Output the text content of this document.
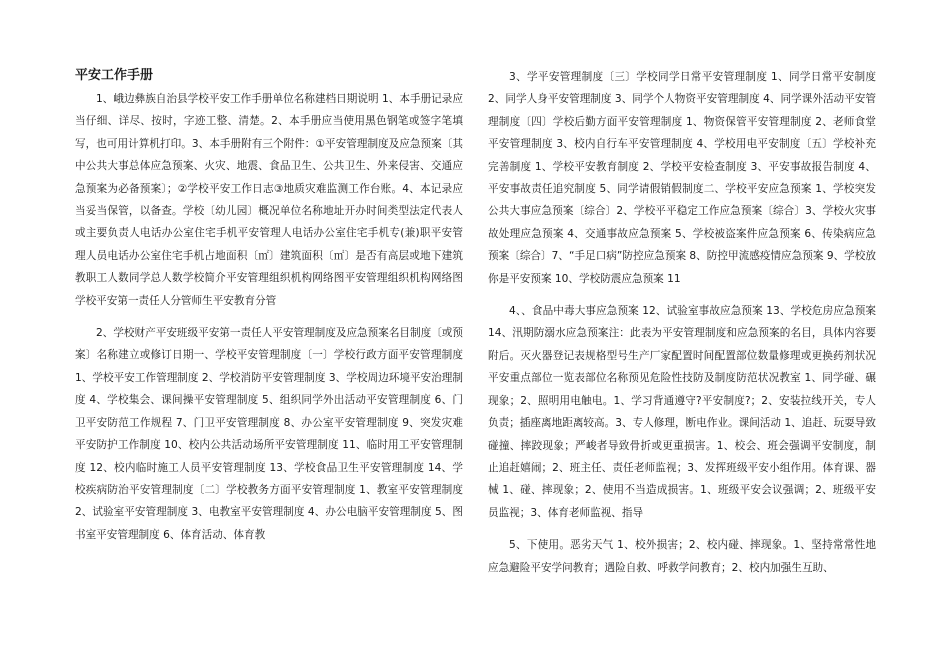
平安工作手册

1、峨边彝族自治县学校平安工作手册单位名称建档日期说明 1、本手册记录应当仔细、详尽、按时，字迹工整、清楚。2、本手册应当使用黑色钢笔或签字笔填写，也可用计算机打印。3、本手册附有三个附件：①平安管理制度及应急预案〔其中公共大事总体应急预案、火灾、地震、食品卫生、公共卫生、外来侵害、交通应急预案为必备预案〕；②学校平安工作日志③地质灾难监测工作台账。4、本记录应当妥当保管，以备查。学校〔幼儿园〕概况单位名称地址开办时间类型法定代表人或主要负责人电话办公室住宅手机平安管理人电话办公室住宅手机专(兼)职平安管理人员电话办公室住宅手机占地面积〔㎡〕建筑面积〔㎡〕是否有高层或地下建筑教职工人数同学总人数学校简介平安管理组织机构网络图平安管理组织机构网络图学校平安第一责任人分管师生平安教育分管

2、学校财产平安班级平安第一责任人平安管理制度及应急预案名目制度〔或预案〕名称建立或修订日期一、学校平安管理制度〔一〕学校行政方面平安管理制度 1、学校平安工作管理制度 2、学校消防平安管理制度 3、学校周边环境平安治理制度 4、学校集会、课间操平安管理制度 5、组织同学外出活动平安管理制度 6、门卫平安防范工作规程 7、门卫平安管理制度 8、办公室平安管理制度 9、突发灾难平安防护工作制度 10、校内公共活动场所平安管理制度 11、临时用工平安管理制度 12、校内临时施工人员平安管理制度 13、学校食品卫生平安管理制度 14、学校疾病防治平安管理制度〔二〕学校教务方面平安管理制度 1、教室平安管理制度 2、试验室平安管理制度 3、电教室平安管理制度 4、办公电脑平安管理制度 5、图书室平安管理制度 6、体育活动、体育教

3、学平安管理制度〔三〕学校同学日常平安管理制度 1、同学日常平安制度 2、同学人身平安管理制度 3、同学个人物资平安管理制度 4、同学课外活动平安管理制度〔四〕学校后勤方面平安管理制度 1、物资保管平安管理制度 2、老师食堂平安管理制度 3、校内自行车平安管理制度 4、学校用电平安制度〔五〕学校补充完善制度 1、学校平安教育制度 2、学校平安检查制度 3、平安事故报告制度 4、平安事故责任追究制度 5、同学请假销假制度二、学校平安应急预案 1、学校突发公共大事应急预案〔综合〕2、学校平平稳定工作应急预案〔综合〕3、学校火灾事故处理应急预案 4、交通事故应急预案 5、学校被盗案件应急预案 6、传染病应急预案〔综合〕7、“手足口病”防控应急预案 8、防控甲流感疫情应急预案 9、学校放你是平安预案 10、学校防震应急预案 11

4、、食品中毒大事应急预案 12、试验室事故应急预案 13、学校危房应急预案 14、汛期防溺水应急预案注：此表为平安管理制度和应急预案的名目，具体内容要附后。灭火器登记表规格型号生产厂家配置时间配置部位数量修理或更换药剂状况平安重点部位一览表部位名称预见危险性技防及制度防范状况教室 1、同学碰、碾现象；2、照明用电触电。1、学习背通遵守?平安制度?；2、安装拉线开关，专人负责；插座离地距离较高。3、专人修理，断电作业。课间活动 1、追赶、玩耍导致碰撞、摔跤现象；严峻者导致骨折或更重损害。1、校会、班会强调平安制度，制止追赶嬉闹；2、班主任、责任老师监视；3、发挥班级平安小组作用。体育课、器械 1、碰、摔现象；2、使用不当造成损害。1、班级平安会议强调；2、班级平安员监视；3、体育老师监视、指导

5、下使用。恶劣天气 1、校外损害；2、校内碰、摔现象。1、坚持常常性地应急避险平安学问教育；遇险自救、呼救学问教育；2、校内加强生互助、
